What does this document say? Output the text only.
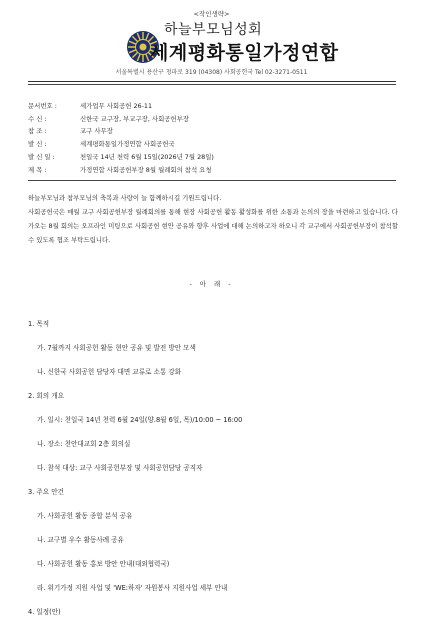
<작인생략>
하늘부모님성회
세계평화통일가정연합
서울특별시 용산구 청파로 319 (04308) 사회공헌국 Tel 02-3271-0511
문서번호 :	세가업무 사회공헌 26-11
수 신 :	신한국 교구장, 부교구장, 사회공헌부장
참 조 :	교구 사무장
발 신 :	세계평화통일가정연합 사회공헌국
발 신 일 :	천일국 14년 천력 6월 15일(2026년 7월 28일)
제 목 :	가정연합 사회공헌부장 8월 월례회의 참석 요청

하늘부모님과 참부모님의 축복과 사랑이 늘 함께하시길 기원드립니다.

사회공헌국은 매월 교구 사회공헌부장 월례회의를 통해 현장 사회공헌 활동 활성화를 위한 소통과 논의의 장을 마련하고 있습니다. 다가오는 8월 회의는 오프라인 미팅으로 사회공헌 현안 공유와 향후 사업에 대해 논의하고자 하오니 각 교구에서 사회공헌부장이 참석할 수 있도록 협조 부탁드립니다.

- 아 래 -
1. 목적
가. 7월까지 사회공헌 활동 현안 공유 및 발전 방안 모색
나. 신한국 사회공헌 담당자 대면 교류로 소통 강화
2. 회의 개요
가. 일시: 천일국 14년 천력 6월 24일(양.8월 6일, 목)/10:00 ~ 16:00
나. 장소: 천안대교회 2층 회의실
다. 참석 대상: 교구 사회공헌부장 및 사회공헌담당 공직자
3. 주요 안건
가. 사회공헌 활동 종합 분석 공유
나. 교구별 우수 활동사례 공유
다. 사회공헌 활동 홍보 방안 안내(대외협력국)
라. 위기가정 지원 사업 및 'WE:하자' 자원봉사 지원사업 세부 안내
4. 일정(안)
